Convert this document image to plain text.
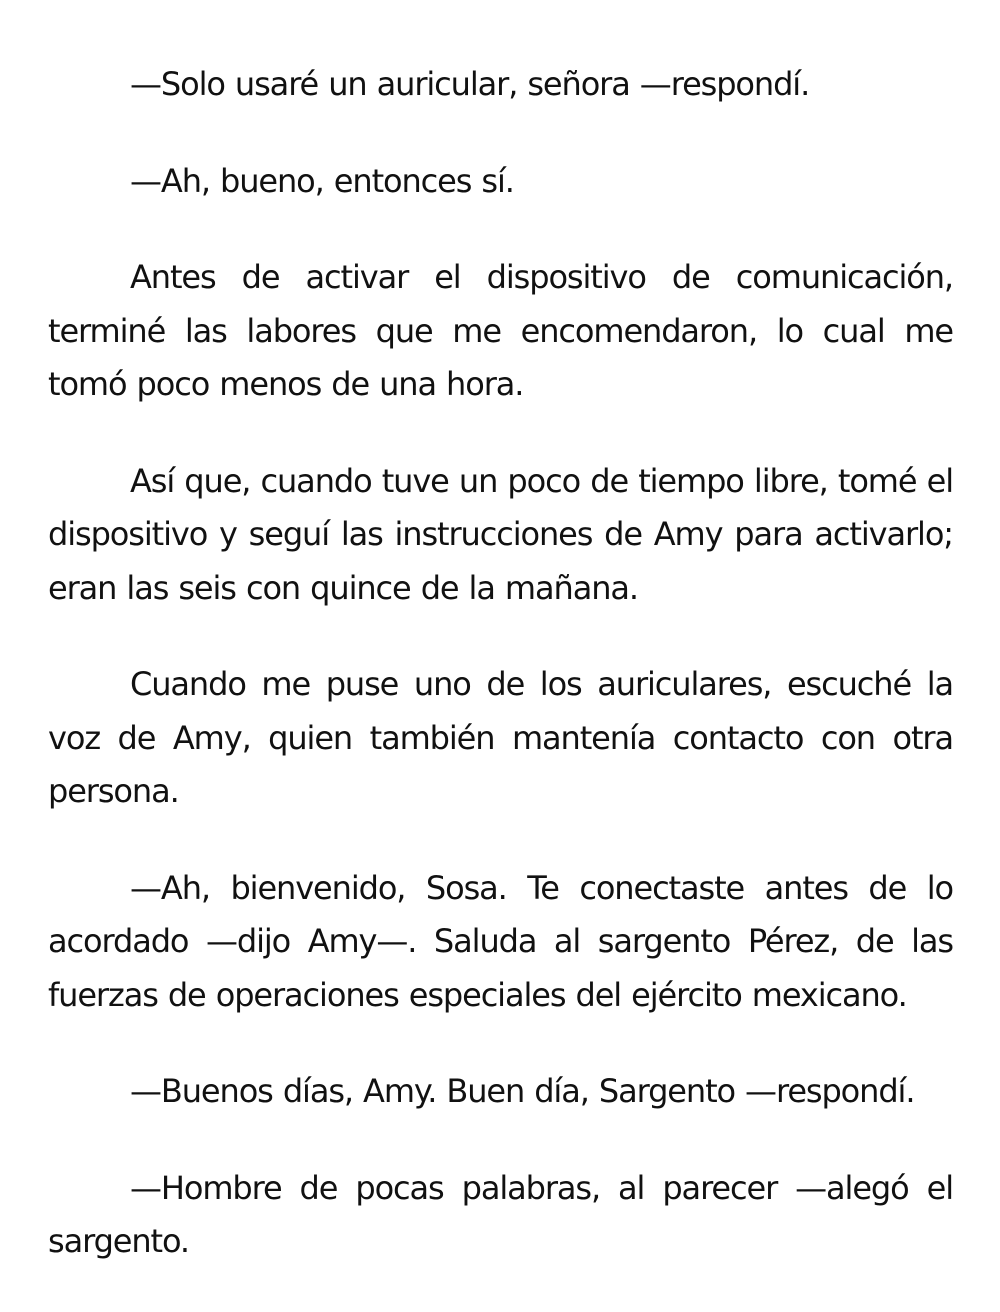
—Solo usaré un auricular, señora —respondí.

—Ah, bueno, entonces sí.

Antes de activar el dispositivo de comunicación, terminé las labores que me encomendaron, lo cual me tomó poco menos de una hora.

Así que, cuando tuve un poco de tiempo libre, tomé el dispositivo y seguí las instrucciones de Amy para activarlo; eran las seis con quince de la mañana.

Cuando me puse uno de los auriculares, escuché la voz de Amy, quien también mantenía contacto con otra persona.

—Ah, bienvenido, Sosa. Te conectaste antes de lo acordado —dijo Amy—. Saluda al sargento Pérez, de las fuerzas de operaciones especiales del ejército mexicano.

—Buenos días, Amy. Buen día, Sargento —respondí.

—Hombre de pocas palabras, al parecer —alegó el sargento.
